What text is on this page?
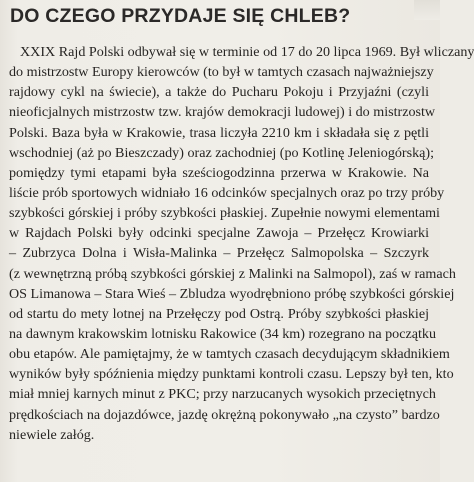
DO CZEGO PRZYDAJE SIĘ CHLEB?
XXIX Rajd Polski odbywał się w terminie od 17 do 20 lipca 1969. Był wliczany
do mistrzostw Europy kierowców (to był w tamtych czasach najważniejszy
rajdowy cykl na świecie), a także do Pucharu Pokoju i Przyjaźni (czyli
nieoficjalnych mistrzostw tzw. krajów demokracji ludowej) i do mistrzostw
Polski. Baza była w Krakowie, trasa liczyła 2210 km i składała się z pętli
wschodniej (aż po Bieszczady) oraz zachodniej (po Kotlinę Jeleniogórską);
pomiędzy tymi etapami była sześciogodzinna przerwa w Krakowie. Na
liście prób sportowych widniało 16 odcinków specjalnych oraz po trzy próby
szybkości górskiej i próby szybkości płaskiej. Zupełnie nowymi elementami
w Rajdach Polski były odcinki specjalne Zawoja – Przełęcz Krowiarki
– Zubrzyca Dolna i Wisła-Malinka – Przełęcz Salmopolska – Szczyrk
(z wewnętrzną próbą szybkości górskiej z Malinki na Salmopol), zaś w ramach
OS Limanowa – Stara Wieś – Zbludza wyodrębniono próbę szybkości górskiej
od startu do mety lotnej na Przełęczy pod Ostrą. Próby szybkości płaskiej
na dawnym krakowskim lotnisku Rakowice (34 km) rozegrano na początku
obu etapów. Ale pamiętajmy, że w tamtych czasach decydującym składnikiem
wyników były spóźnienia między punktami kontroli czasu. Lepszy był ten, kto
miał mniej karnych minut z PKC; przy narzucanych wysokich przeciętnych
prędkościach na dojazdówce, jazdę okrężną pokonywało „na czysto” bardzo
niewiele załóg.
